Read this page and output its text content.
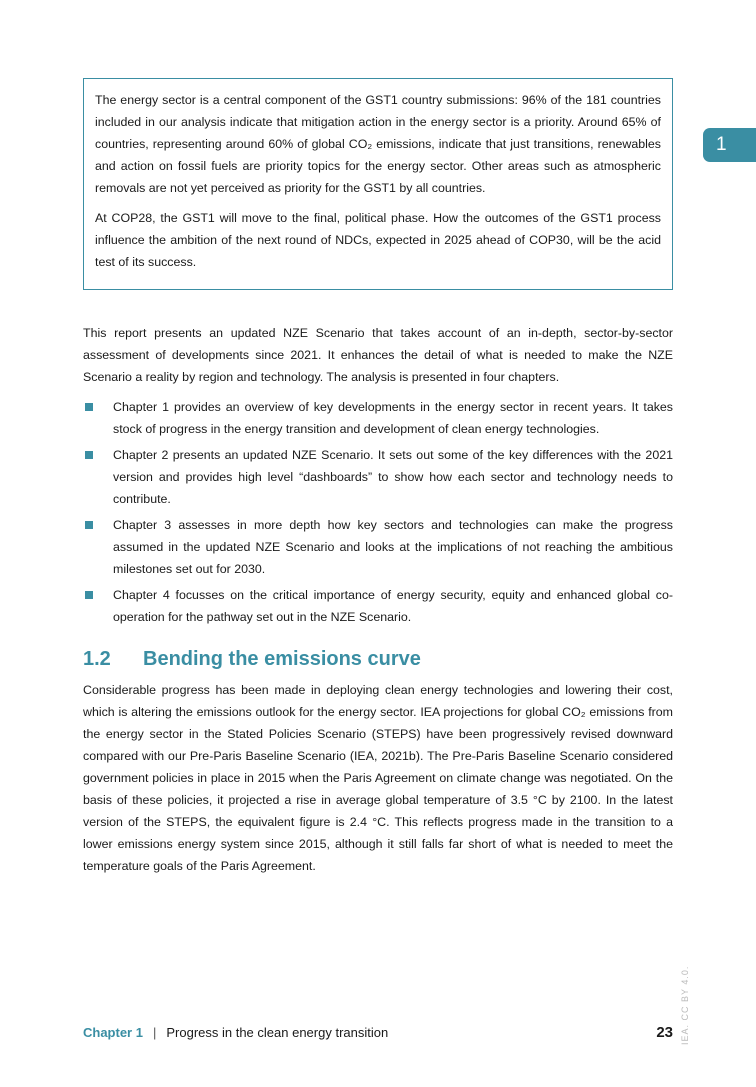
The energy sector is a central component of the GST1 country submissions: 96% of the 181 countries included in our analysis indicate that mitigation action in the energy sector is a priority. Around 65% of countries, representing around 60% of global CO₂ emissions, indicate that just transitions, renewables and action on fossil fuels are priority topics for the energy sector. Other areas such as atmospheric removals are not yet perceived as priority for the GST1 by all countries.

At COP28, the GST1 will move to the final, political phase. How the outcomes of the GST1 process influence the ambition of the next round of NDCs, expected in 2025 ahead of COP30, will be the acid test of its success.

1

This report presents an updated NZE Scenario that takes account of an in-depth, sector-by-sector assessment of developments since 2021. It enhances the detail of what is needed to make the NZE Scenario a reality by region and technology. The analysis is presented in four chapters.

Chapter 1 provides an overview of key developments in the energy sector in recent years. It takes stock of progress in the energy transition and development of clean energy technologies.
Chapter 2 presents an updated NZE Scenario. It sets out some of the key differences with the 2021 version and provides high level “dashboards” to show how each sector and technology needs to contribute.
Chapter 3 assesses in more depth how key sectors and technologies can make the progress assumed in the updated NZE Scenario and looks at the implications of not reaching the ambitious milestones set out for 2030.
Chapter 4 focusses on the critical importance of energy security, equity and enhanced global co-operation for the pathway set out in the NZE Scenario.
1.2	Bending the emissions curve

Considerable progress has been made in deploying clean energy technologies and lowering their cost, which is altering the emissions outlook for the energy sector. IEA projections for global CO₂ emissions from the energy sector in the Stated Policies Scenario (STEPS) have been progressively revised downward compared with our Pre-Paris Baseline Scenario (IEA, 2021b). The Pre-Paris Baseline Scenario considered government policies in place in 2015 when the Paris Agreement on climate change was negotiated. On the basis of these policies, it projected a rise in average global temperature of 3.5 °C by 2100. In the latest version of the STEPS, the equivalent figure is 2.4 °C. This reflects progress made in the transition to a lower emissions energy system since 2015, although it still falls far short of what is needed to meet the temperature goals of the Paris Agreement.

Chapter 1 | Progress in the clean energy transition	23 IEA. CC BY 4.0.
